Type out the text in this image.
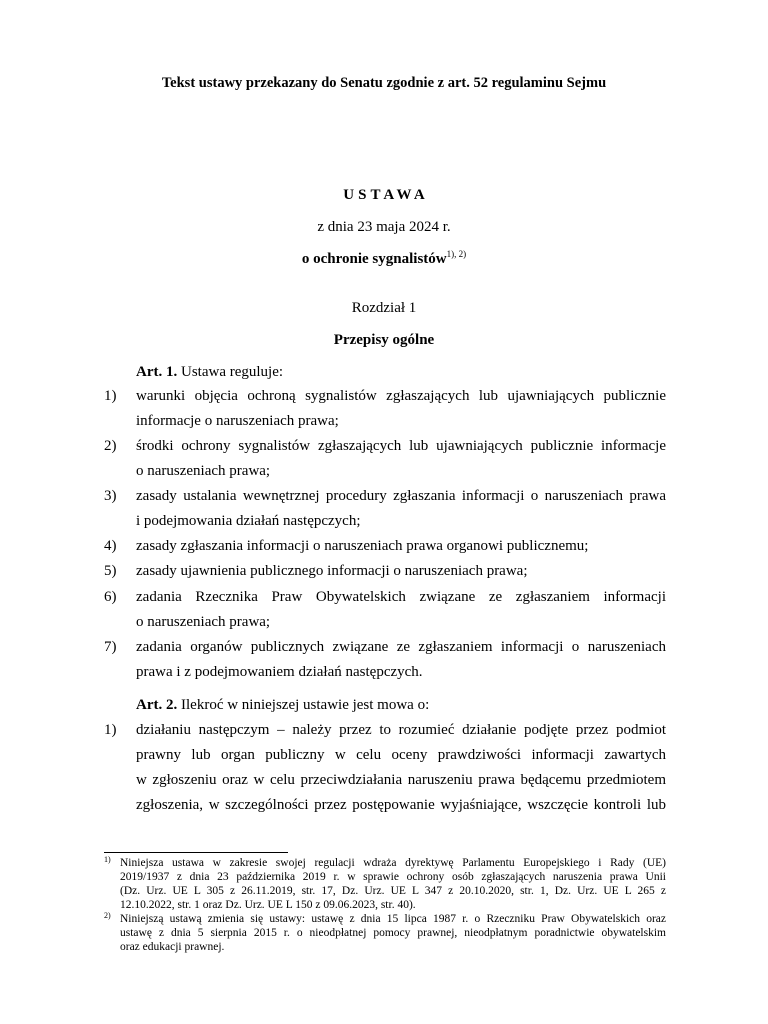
Tekst ustawy przekazany do Senatu zgodnie z art. 52 regulaminu Sejmu
USTAWA
z dnia 23 maja 2024 r.
o ochronie sygnalistów$^{1), 2)}$
Rozdział 1
Przepisy ogólne
Art. 1. Ustawa reguluje:
1) warunki objęcia ochroną sygnalistów zgłaszających lub ujawniających publicznie
informacje o naruszeniach prawa;
2) środki ochrony sygnalistów zgłaszających lub ujawniających publicznie informacje
o naruszeniach prawa;
3) zasady ustalania wewnętrznej procedury zgłaszania informacji o naruszeniach prawa
i podejmowania działań następczych;
4) zasady zgłaszania informacji o naruszeniach prawa organowi publicznemu;
5) zasady ujawnienia publicznego informacji o naruszeniach prawa;
6) zadania Rzecznika Praw Obywatelskich związane ze zgłaszaniem informacji
o naruszeniach prawa;
7) zadania organów publicznych związane ze zgłaszaniem informacji o naruszeniach
prawa i z podejmowaniem działań następczych.
Art. 2. Ilekroć w niniejszej ustawie jest mowa o:
1) działaniu następczym – należy przez to rozumieć działanie podjęte przez podmiot
prawny lub organ publiczny w celu oceny prawdziwości informacji zawartych
w zgłoszeniu oraz w celu przeciwdziałania naruszeniu prawa będącemu przedmiotem
zgłoszenia, w szczególności przez postępowanie wyjaśniające, wszczęcie kontroli lub
1) Niniejsza ustawa w zakresie swojej regulacji wdraża dyrektywę Parlamentu Europejskiego i Rady (UE)
2019/1937 z dnia 23 października 2019 r. w sprawie ochrony osób zgłaszających naruszenia prawa Unii
(Dz. Urz. UE L 305 z 26.11.2019, str. 17, Dz. Urz. UE L 347 z 20.10.2020, str. 1, Dz. Urz. UE L 265 z
12.10.2022, str. 1 oraz Dz. Urz. UE L 150 z 09.06.2023, str. 40).
2) Niniejszą ustawą zmienia się ustawy: ustawę z dnia 15 lipca 1987 r. o Rzeczniku Praw Obywatelskich oraz
ustawę z dnia 5 sierpnia 2015 r. o nieodpłatnej pomocy prawnej, nieodpłatnym poradnictwie obywatelskim
oraz edukacji prawnej.
